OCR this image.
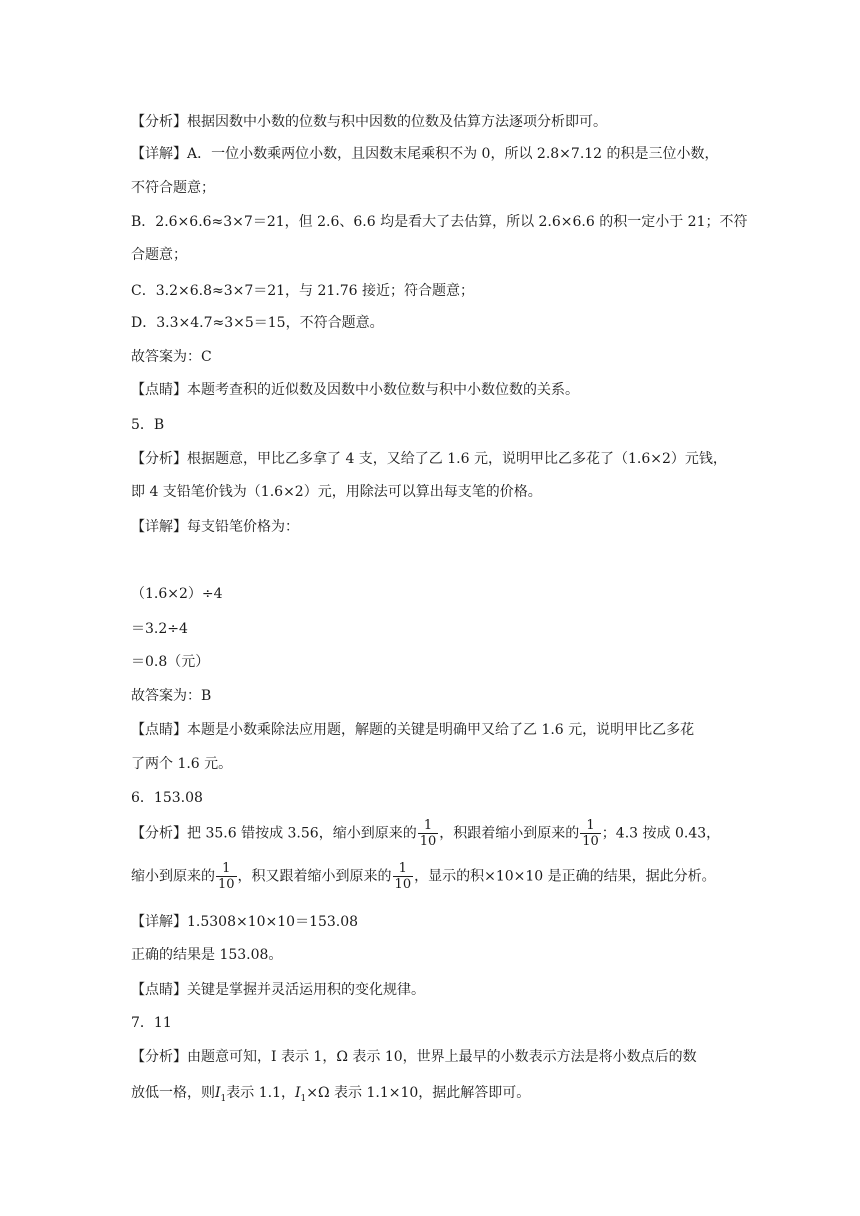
【分析】根据因数中小数的位数与积中因数的位数及估算方法逐项分析即可。
【详解】A．一位小数乘两位小数，且因数末尾乘积不为 0，所以 2.8×7.12 的积是三位小数，
不符合题意；
B．2.6×6.6≈3×7＝21，但 2.6、6.6 均是看大了去估算，所以 2.6×6.6 的积一定小于 21；不符
合题意；
C．3.2×6.8≈3×7＝21，与 21.76 接近；符合题意；
D．3.3×4.7≈3×5＝15，不符合题意。
故答案为：C
【点睛】本题考查积的近似数及因数中小数位数与积中小数位数的关系。
5．B
【分析】根据题意，甲比乙多拿了 4 支，又给了乙 1.6 元，说明甲比乙多花了（1.6×2）元钱，
即 4 支铅笔价钱为（1.6×2）元，用除法可以算出每支笔的价格。
【详解】每支铅笔价格为：
（1.6×2）÷4
＝3.2÷4
＝0.8（元）
故答案为：B
【点睛】本题是小数乘除法应用题，解题的关键是明确甲又给了乙 1.6 元，说明甲比乙多花
了两个 1.6 元。
6．153.08
【分析】把 35.6 错按成 3.56，缩小到原来的 $\frac{1}{10}$ ，积跟着缩小到原来的 $\frac{1}{10}$ ；4.3 按成 0.43，
缩小到原来的 $\frac{1}{10}$ ，积又跟着缩小到原来的 $\frac{1}{10}$ ，显示的积×10×10 是正确的结果，据此分析。
【详解】1.5308×10×10＝153.08
正确的结果是 153.08。
【点睛】关键是掌握并灵活运用积的变化规律。
7．11
【分析】由题意可知，I 表示 1，Ω 表示 10，世界上最早的小数表示方法是将小数点后的数
放低一格，则$I_1$表示 1.1，$I_1\times\Omega$ 表示 1.1×10，据此解答即可。
